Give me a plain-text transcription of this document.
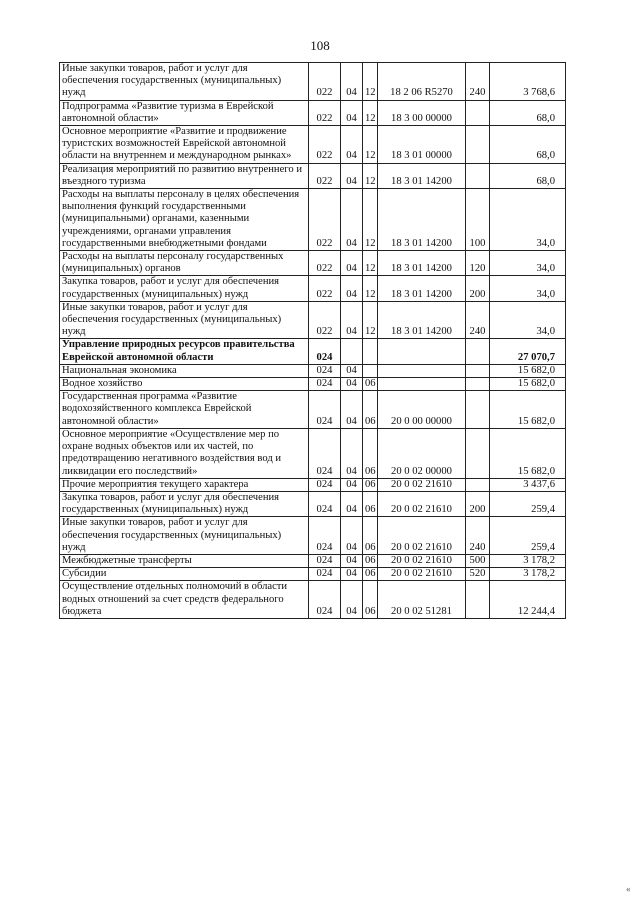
108
Иные закупки товаров, работ и услуг для обеспечения государственных (муниципальных) нужд	022	04	12	18 2 06 R5270	240	3 768,6
Подпрограмма «Развитие туризма в Еврейской автономной области»	022	04	12	18 3 00 00000		68,0
Основное мероприятие «Развитие и продвижение туристских возможностей Еврейской автономной области на внутреннем и международном рынках»	022	04	12	18 3 01 00000		68,0
Реализация мероприятий по развитию внутреннего и въездного туризма	022	04	12	18 3 01 14200		68,0
Расходы на выплаты персоналу в целях обеспечения выполнения функций государственными (муниципальными) органами, казенными учреждениями, органами управления государственными внебюджетными фондами	022	04	12	18 3 01 14200	100	34,0
Расходы на выплаты персоналу государственных (муниципальных) органов	022	04	12	18 3 01 14200	120	34,0
Закупка товаров, работ и услуг для обеспечения государственных (муниципальных) нужд	022	04	12	18 3 01 14200	200	34,0
Иные закупки товаров, работ и услуг для обеспечения государственных (муниципальных) нужд	022	04	12	18 3 01 14200	240	34,0
Управление природных ресурсов правительства Еврейской автономной области	024					27 070,7
Национальная экономика	024	04				15 682,0
Водное хозяйство	024	04	06			15 682,0
Государственная программа «Развитие водохозяйственного комплекса Еврейской автономной области»	024	04	06	20 0 00 00000		15 682,0
Основное мероприятие «Осуществление мер по охране водных объектов или их частей, по предотвращению негативного воздействия вод и ликвидации его последствий»	024	04	06	20 0 02 00000		15 682,0
Прочие мероприятия текущего характера	024	04	06	20 0 02 21610		3 437,6
Закупка товаров, работ и услуг для обеспечения государственных (муниципальных) нужд	024	04	06	20 0 02 21610	200	259,4
Иные закупки товаров, работ и услуг для обеспечения государственных (муниципальных) нужд	024	04	06	20 0 02 21610	240	259,4
Межбюджетные трансферты	024	04	06	20 0 02 21610	500	3 178,2
Субсидии	024	04	06	20 0 02 21610	520	3 178,2
Осуществление отдельных полномочий в области водных отношений за счет средств федерального бюджета	024	04	06	20 0 02 51281		12 244,4
«
